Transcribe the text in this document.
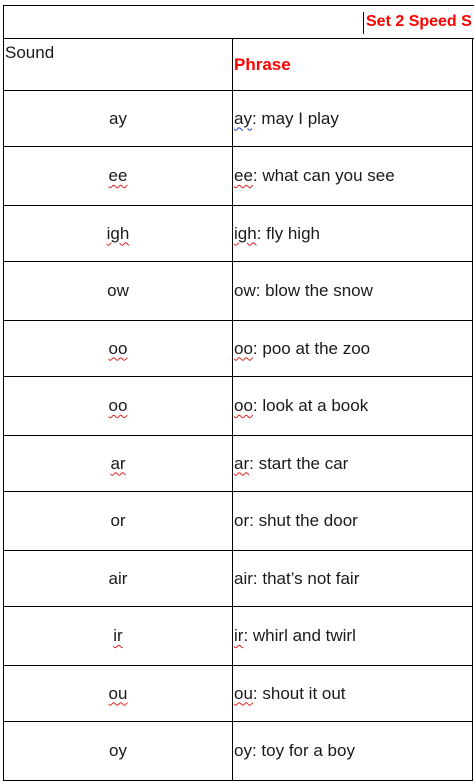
Set 2 Speed S
Sound	Phrase
ay	ay: may I play
ee	ee: what can you see
igh	igh: fly high
ow	ow: blow the snow
oo	oo: poo at the zoo
oo	oo: look at a book
ar	ar: start the car
or	or: shut the door
air	air: that’s not fair
ir	ir: whirl and twirl
ou	ou: shout it out
oy	oy: toy for a boy
